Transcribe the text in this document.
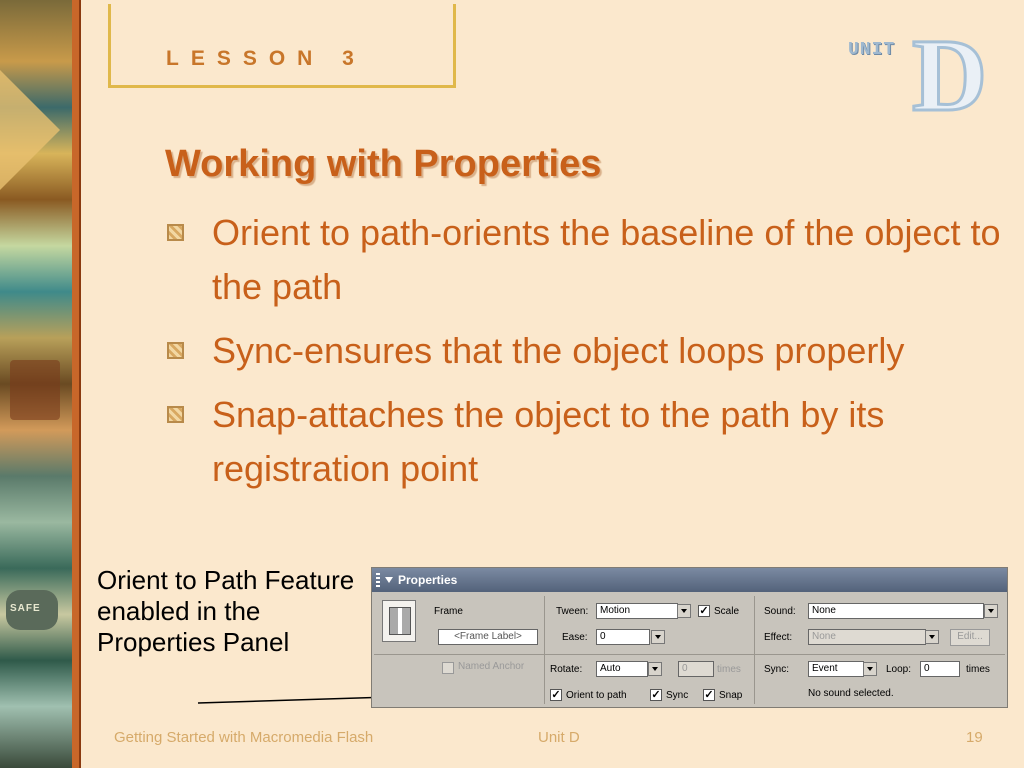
SAFE
LESSON 3	UNIT D
Working with Properties
Orient to path-orients the baseline of the object to the path
Sync-ensures that the object loops properly
Snap-attaches the object to the path by its registration point
Orient to Path Feature enabled in the Properties Panel
Properties
Frame
<Frame Label>
Named Anchor
Tween:	Motion	✓ Scale
Ease:	0
Rotate:	Auto	0	times
✓ Orient to path ✓ Sync ✓ Snap
Sound:	None
Effect:	None	Edit...
Sync:	Event	Loop:	0	times
No sound selected.
Getting Started with Macromedia Flash	Unit D	19
